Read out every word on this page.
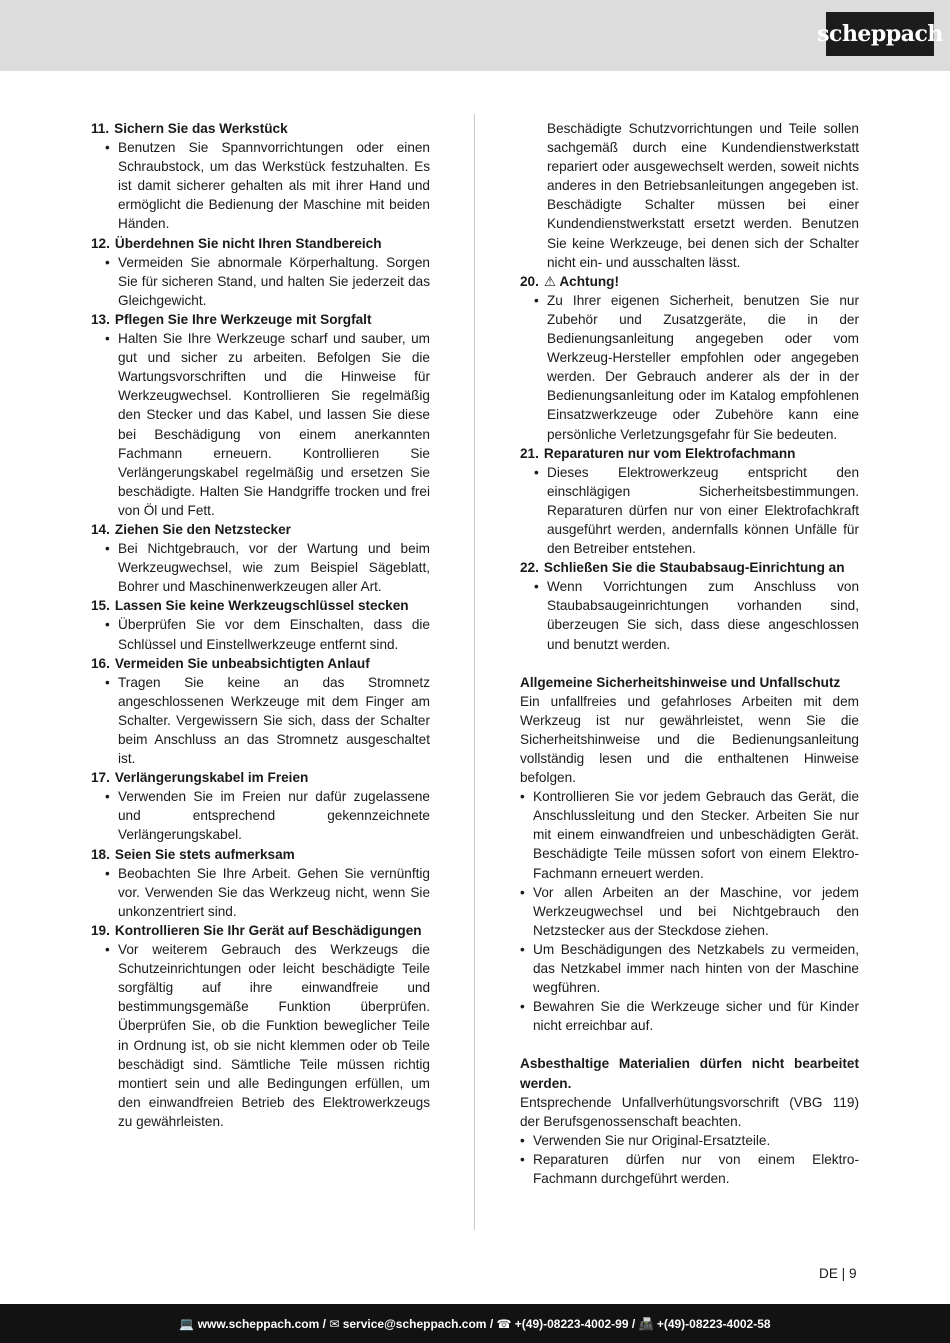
scheppach
11. Sichern Sie das Werkstück
• Benutzen Sie Spannvorrichtungen oder einen Schraubstock, um das Werkstück festzuhalten. Es ist damit sicherer gehalten als mit ihrer Hand und ermöglicht die Bedienung der Maschine mit beiden Händen.
12. Überdehnen Sie nicht Ihren Standbereich
• Vermeiden Sie abnormale Körperhaltung. Sorgen Sie für sicheren Stand, und halten Sie jederzeit das Gleichgewicht.
13. Pflegen Sie Ihre Werkzeuge mit Sorgfalt
• Halten Sie Ihre Werkzeuge scharf und sauber, um gut und sicher zu arbeiten. Befolgen Sie die Wartungsvorschriften und die Hinweise für Werkzeugwechsel. Kontrollieren Sie regelmäßig den Stecker und das Kabel, und lassen Sie diese bei Beschädigung von einem anerkannten Fachmann erneuern. Kontrollieren Sie Verlängerungskabel regelmäßig und ersetzen Sie beschädigte. Halten Sie Handgriffe trocken und frei von Öl und Fett.
14. Ziehen Sie den Netzstecker
• Bei Nichtgebrauch, vor der Wartung und beim Werkzeugwechsel, wie zum Beispiel Sägeblatt, Bohrer und Maschinenwerkzeugen aller Art.
15. Lassen Sie keine Werkzeugschlüssel stecken
• Überprüfen Sie vor dem Einschalten, dass die Schlüssel und Einstellwerkzeuge entfernt sind.
16. Vermeiden Sie unbeabsichtigten Anlauf
• Tragen Sie keine an das Stromnetz angeschlossenen Werkzeuge mit dem Finger am Schalter. Vergewissern Sie sich, dass der Schalter beim Anschluss an das Stromnetz ausgeschaltet ist.
17. Verlängerungskabel im Freien
• Verwenden Sie im Freien nur dafür zugelassene und entsprechend gekennzeichnete Verlängerungskabel.
18. Seien Sie stets aufmerksam
• Beobachten Sie Ihre Arbeit. Gehen Sie vernünftig vor. Verwenden Sie das Werkzeug nicht, wenn Sie unkonzentriert sind.
19. Kontrollieren Sie Ihr Gerät auf Beschädigungen
• Vor weiterem Gebrauch des Werkzeugs die Schutzeinrichtungen oder leicht beschädigte Teile sorgfältig auf ihre einwandfreie und bestimmungsgemäße Funktion überprüfen. Überprüfen Sie, ob die Funktion beweglicher Teile in Ordnung ist, ob sie nicht klemmen oder ob Teile beschädigt sind. Sämtliche Teile müssen richtig montiert sein und alle Bedingungen erfüllen, um den einwandfreien Betrieb des Elektrowerkzeugs zu gewährleisten.
Beschädigte Schutzvorrichtungen und Teile sollen sachgemäß durch eine Kundendienstwerkstatt repariert oder ausgewechselt werden, soweit nichts anderes in den Betriebsanleitungen angegeben ist. Beschädigte Schalter müssen bei einer Kundendienstwerkstatt ersetzt werden. Benutzen Sie keine Werkzeuge, bei denen sich der Schalter nicht ein- und ausschalten lässt.
20. ⚠ Achtung!
• Zu Ihrer eigenen Sicherheit, benutzen Sie nur Zubehör und Zusatzgeräte, die in der Bedienungsanleitung angegeben oder vom Werkzeug-Hersteller empfohlen oder angegeben werden. Der Gebrauch anderer als der in der Bedienungsanleitung oder im Katalog empfohlenen Einsatzwerkzeuge oder Zubehöre kann eine persönliche Verletzungsgefahr für Sie bedeuten.
21. Reparaturen nur vom Elektrofachmann
• Dieses Elektrowerkzeug entspricht den einschlägigen Sicherheitsbestimmungen. Reparaturen dürfen nur von einer Elektrofachkraft ausgeführt werden, andernfalls können Unfälle für den Betreiber entstehen.
22. Schließen Sie die Staubabsaug-Einrichtung an
• Wenn Vorrichtungen zum Anschluss von Staubabsaugeinrichtungen vorhanden sind, überzeugen Sie sich, dass diese angeschlossen und benutzt werden.
Allgemeine Sicherheitshinweise und Unfallschutz
Ein unfallfreies und gefahrloses Arbeiten mit dem Werkzeug ist nur gewährleistet, wenn Sie die Sicherheitshinweise und die Bedienungsanleitung vollständig lesen und die enthaltenen Hinweise befolgen.
• Kontrollieren Sie vor jedem Gebrauch das Gerät, die Anschlussleitung und den Stecker. Arbeiten Sie nur mit einem einwandfreien und unbeschädigten Gerät. Beschädigte Teile müssen sofort von einem Elektro-Fachmann erneuert werden.
• Vor allen Arbeiten an der Maschine, vor jedem Werkzeugwechsel und bei Nichtgebrauch den Netzstecker aus der Steckdose ziehen.
• Um Beschädigungen des Netzkabels zu vermeiden, das Netzkabel immer nach hinten von der Maschine wegführen.
• Bewahren Sie die Werkzeuge sicher und für Kinder nicht erreichbar auf.
Asbesthaltige Materialien dürfen nicht bearbeitet werden.
Entsprechende Unfallverhütungsvorschrift (VBG 119) der Berufsgenossenschaft beachten.
• Verwenden Sie nur Original-Ersatzteile.
• Reparaturen dürfen nur von einem Elektro- Fachmann durchgeführt werden.
DE | 9
💻 www.scheppach.com / ✉ service@scheppach.com / ☎ +(49)-08223-4002-99 / 📠 +(49)-08223-4002-58
